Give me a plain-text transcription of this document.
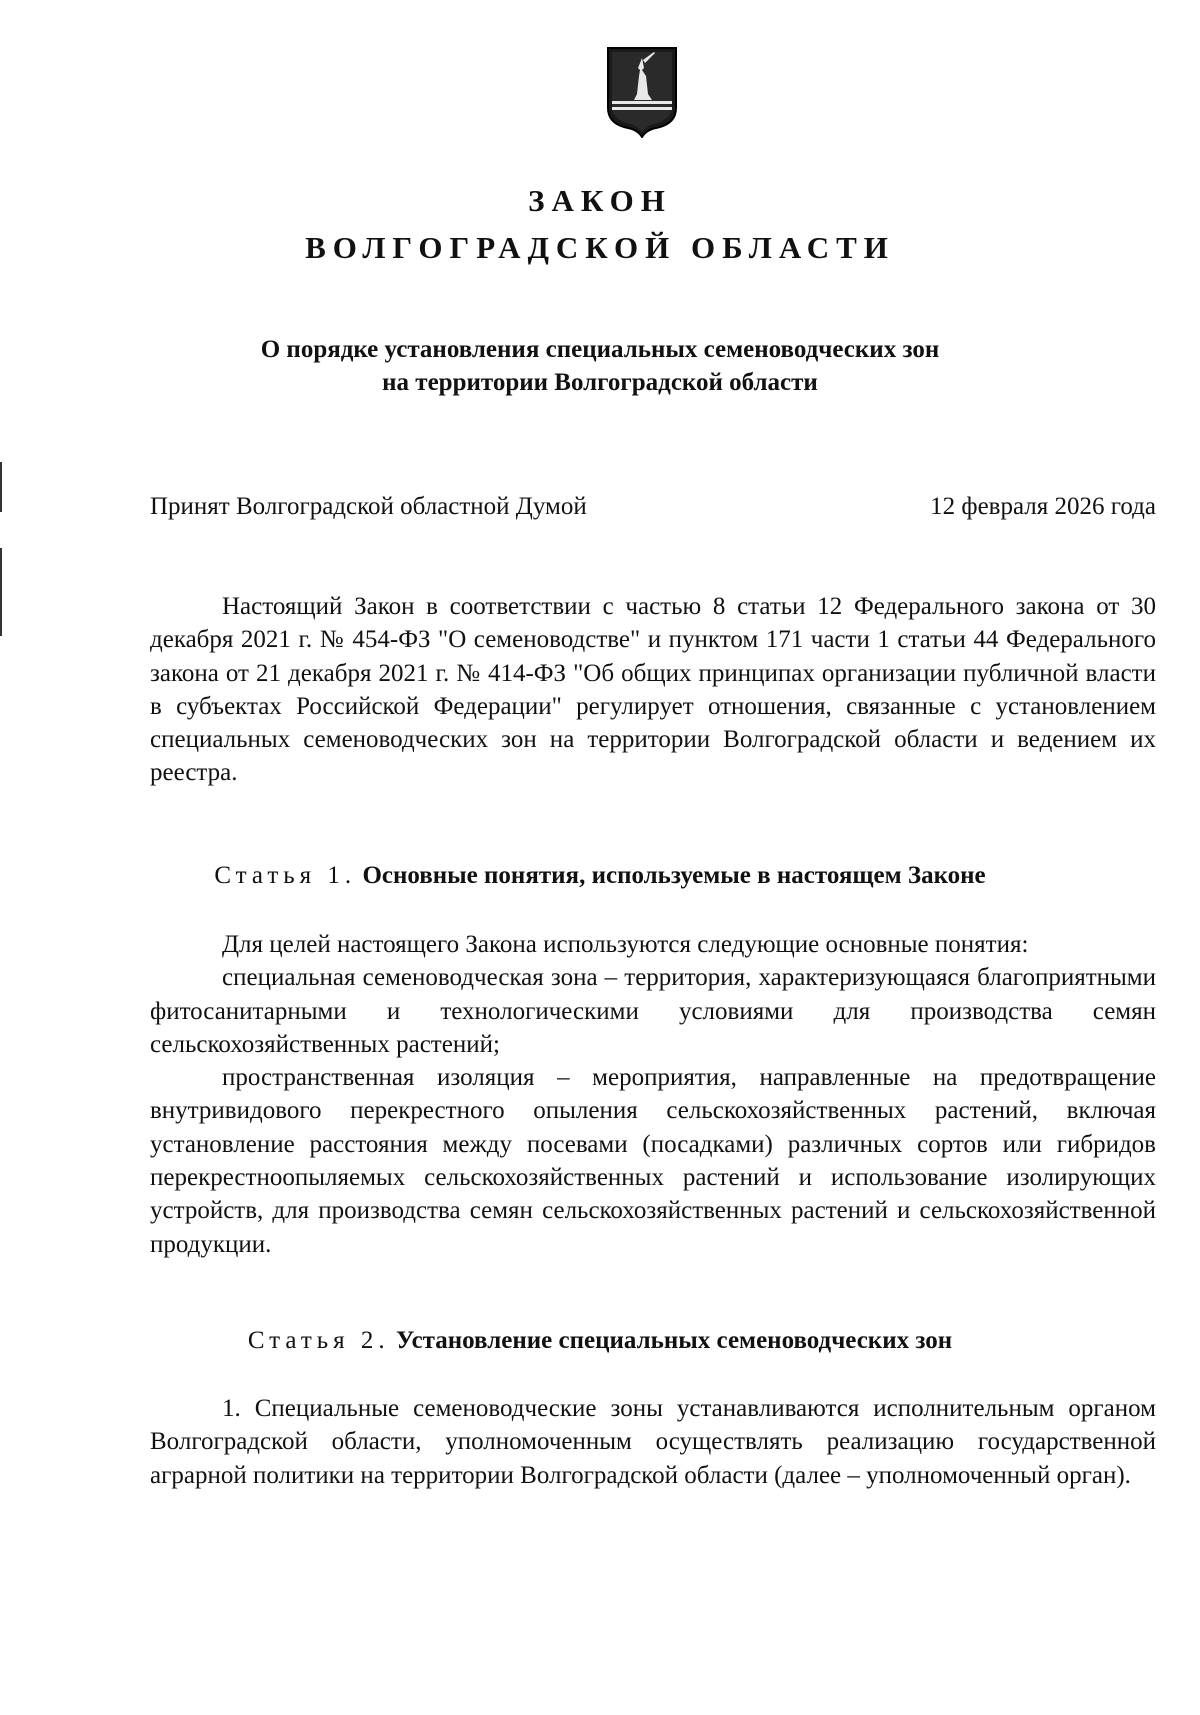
ЗАКОН
ВОЛГОГРАДСКОЙ ОБЛАСТИ
О порядке установления специальных семеноводческих зон
на территории Волгоградской области
Принят Волгоградской областной Думой	12 февраля 2026 года
Настоящий Закон в соответствии с частью 8 статьи 12 Федерального закона от 30 декабря 2021 г. № 454-ФЗ "О семеноводстве" и пунктом 171 части 1 статьи 44 Федерального закона от 21 декабря 2021 г. № 414-ФЗ "Об общих принципах организации публичной власти в субъектах Российской Федерации" регулирует отношения, связанные с установлением специальных семеноводческих зон на территории Волгоградской области и ведением их реестра.
Статья 1. Основные понятия, используемые в настоящем Законе

Для целей настоящего Закона используются следующие основные понятия:

специальная семеноводческая зона – территория, характеризующаяся благоприятными фитосанитарными и технологическими условиями для производства семян сельскохозяйственных растений;

пространственная изоляция – мероприятия, направленные на предотвращение внутривидового перекрестного опыления сельскохозяйственных растений, включая установление расстояния между посевами (посадками) различных сортов или гибридов перекрестноопыляемых сельскохозяйственных растений и использование изолирующих устройств, для производства семян сельскохозяйственных растений и сельскохозяйственной продукции.

Статья 2. Установление специальных семеноводческих зон

1. Специальные семеноводческие зоны устанавливаются исполнительным органом Волгоградской области, уполномоченным осуществлять реализацию государственной аграрной политики на территории Волгоградской области (далее – уполномоченный орган).
